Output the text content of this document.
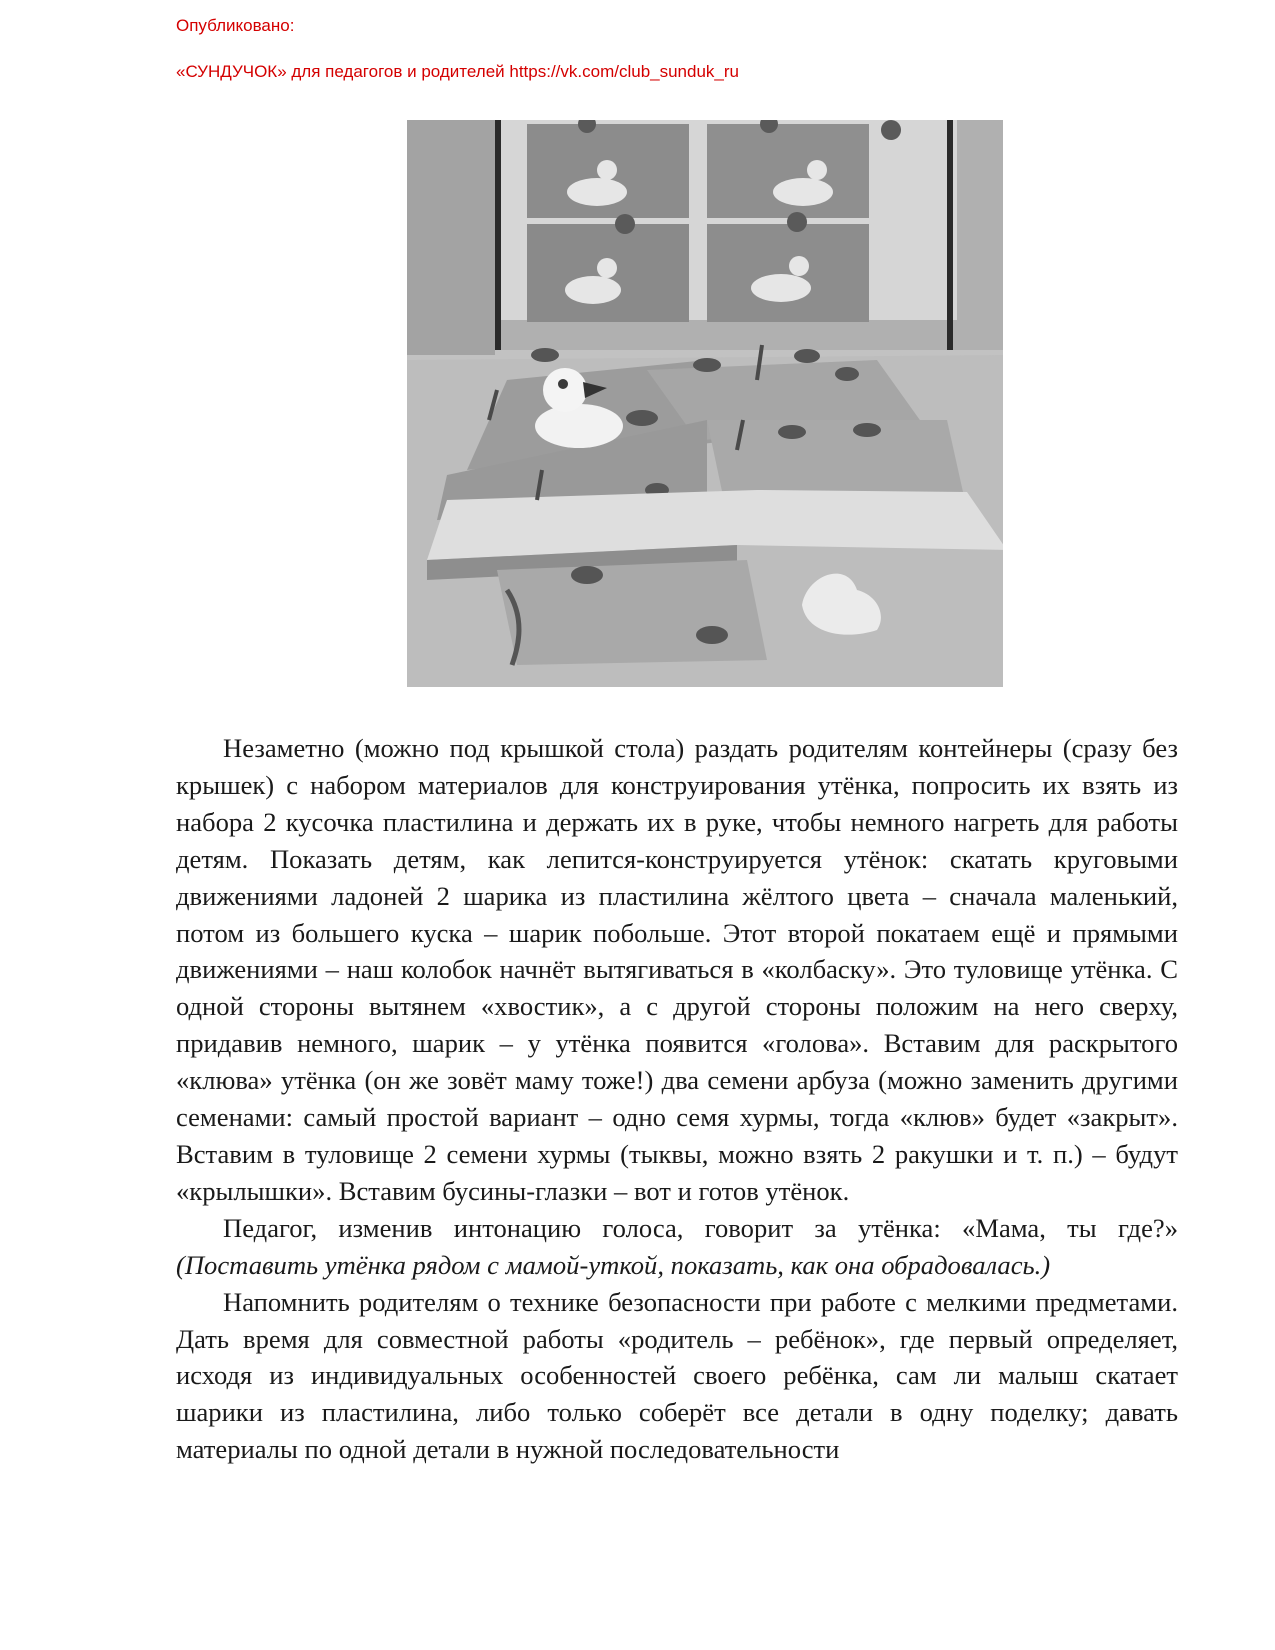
Опубликовано:
«СУНДУЧОК» для педагогов и родителей https://vk.com/club_sunduk_ru

Незаметно (можно под крышкой стола) раздать родителям контейнеры (сразу без крышек) с набором материалов для конструирования утёнка, попросить их взять из набора 2 кусочка пластилина и держать их в руке, чтобы немного нагреть для работы детям. Показать детям, как лепится-конструируется утёнок: скатать круговыми движениями ладоней 2 шарика из пластилина жёлтого цвета – сначала маленький, потом из большего куска – шарик побольше. Этот второй покатаем ещё и прямыми движениями – наш колобок начнёт вытягиваться в «колбаску». Это туловище утёнка. С одной стороны вытянем «хвостик», а с другой стороны положим на него сверху, придавив немного, шарик – у утёнка появится «голова». Вставим для раскрытого «клюва» утёнка (он же зовёт маму тоже!) два семени арбуза (можно заменить другими семенами: самый простой вариант – одно семя хурмы, тогда «клюв» будет «закрыт». Вставим в туловище 2 семени хурмы (тыквы, можно взять 2 ракушки и т. п.) – будут «крылышки». Вставим бусины-глазки – вот и готов утёнок.

Педагог, изменив интонацию голоса, говорит за утёнка: «Мама, ты где?» (Поставить утёнка рядом с мамой-уткой, показать, как она обрадовалась.)

Напомнить родителям о технике безопасности при работе с мелкими предметами. Дать время для совместной работы «родитель – ребёнок», где первый определяет, исходя из индивидуальных особенностей своего ребёнка, сам ли малыш скатает шарики из пластилина, либо только соберёт все детали в одну поделку; давать материалы по одной детали в нужной последовательности
